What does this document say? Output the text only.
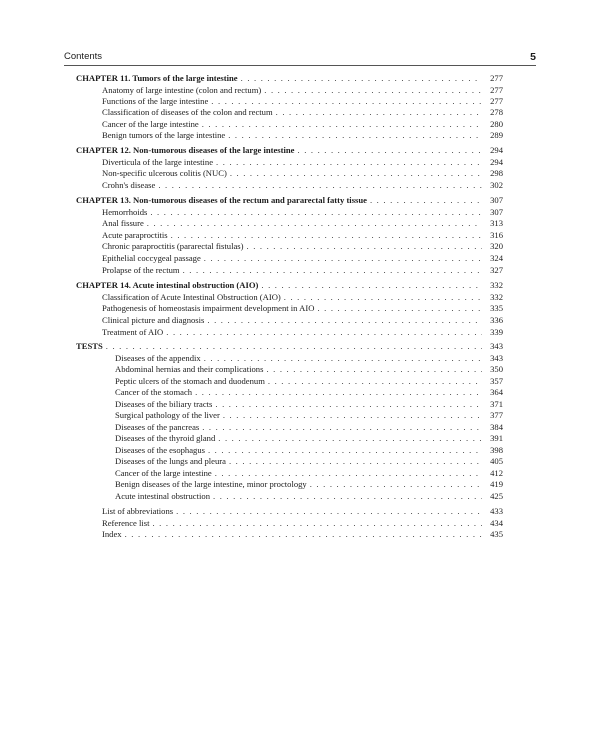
Contents	5
CHAPTER 11. Tumors of the large intestine . . .	277
Anatomy of large intestine (colon and rectum) . . .	277
Functions of the large intestine . . .	277
Classification of diseases of the colon and rectum . . .	278
Cancer of the large intestine . . .	280
Benign tumors of the large intestine . . .	289
CHAPTER 12. Non-tumorous diseases of the large intestine . . .	294
Diverticula of the large intestine . . .	294
Non-specific ulcerous colitis (NUC) . . .	298
Crohn's disease . . .	302
CHAPTER 13. Non-tumorous diseases of the rectum and pararectal fatty tissue . . .	307
Hemorrhoids . . .	307
Anal fissure . . .	313
Acute paraproctitis . . .	316
Chronic paraproctitis (pararectal fistulas) . . .	320
Epithelial coccygeal passage . . .	324
Prolapse of the rectum . . .	327
CHAPTER 14. Acute intestinal obstruction (AIO) . . .	332
Classification of Acute Intestinal Obstruction (AIO) . . .	332
Pathogenesis of homeostasis impairment development in AIO . . .	335
Clinical picture and diagnosis . . .	336
Treatment of AIO . . .	339
TESTS . . .	343
Diseases of the appendix . . .	343
Abdominal hernias and their complications . . .	350
Peptic ulcers of the stomach and duodenum . . .	357
Cancer of the stomach . . .	364
Diseases of the biliary tracts . . .	371
Surgical pathology of the liver . . .	377
Diseases of the pancreas . . .	384
Diseases of the thyroid gland . . .	391
Diseases of the esophagus . . .	398
Diseases of the lungs and pleura . . .	405
Cancer of the large intestine . . .	412
Benign diseases of the large intestine, minor proctology . . .	419
Acute intestinal obstruction . . .	425
List of abbreviations . . .	433
Reference list . . .	434
Index . . .	435
